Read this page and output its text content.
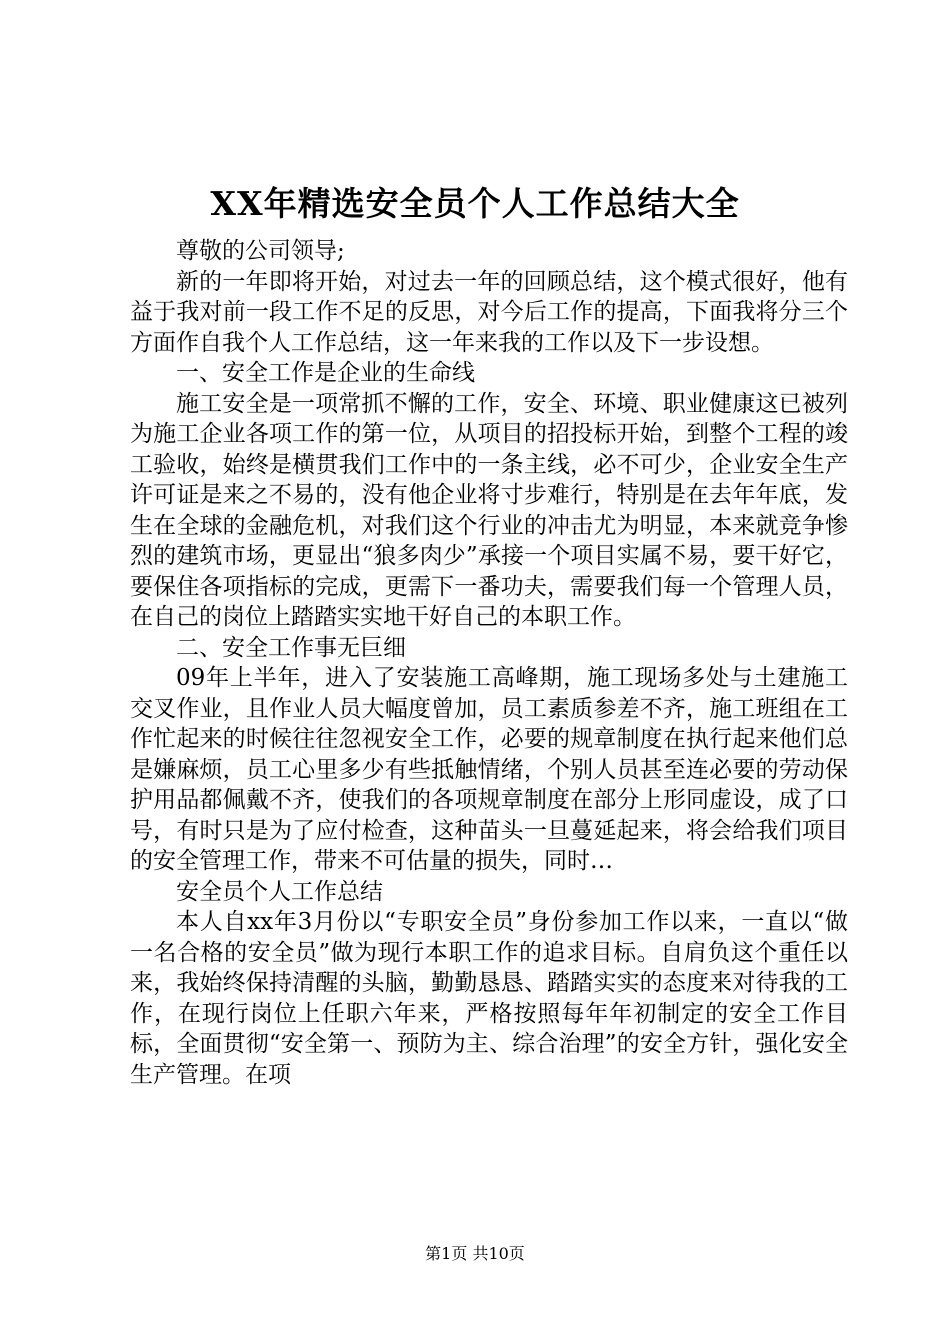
XX年精选安全员个人工作总结大全

尊敬的公司领导;

新的一年即将开始，对过去一年的回顾总结，这个模式很好，他有益于我对前一段工作不足的反思，对今后工作的提高，下面我将分三个方面作自我个人工作总结，这一年来我的工作以及下一步设想。

一、安全工作是企业的生命线

施工安全是一项常抓不懈的工作，安全、环境、职业健康这已被列为施工企业各项工作的第一位，从项目的招投标开始，到整个工程的竣工验收，始终是横贯我们工作中的一条主线，必不可少，企业安全生产许可证是来之不易的，没有他企业将寸步难行，特别是在去年年底，发生在全球的金融危机，对我们这个行业的冲击尤为明显，本来就竞争惨烈的建筑市场，更显出“狼多肉少”承接一个项目实属不易，要干好它，要保住各项指标的完成，更需下一番功夫，需要我们每一个管理人员，在自己的岗位上踏踏实实地干好自己的本职工作。

二、安全工作事无巨细

09年上半年，进入了安装施工高峰期，施工现场多处与土建施工交叉作业，且作业人员大幅度曾加，员工素质参差不齐，施工班组在工作忙起来的时候往往忽视安全工作，必要的规章制度在执行起来他们总是嫌麻烦，员工心里多少有些抵触情绪，个别人员甚至连必要的劳动保护用品都佩戴不齐，使我们的各项规章制度在部分上形同虚设，成了口号，有时只是为了应付检查，这种苗头一旦蔓延起来，将会给我们项目的安全管理工作，带来不可估量的损失，同时…

安全员个人工作总结

本人自xx年3月份以“专职安全员”身份参加工作以来，一直以“做一名合格的安全员”做为现行本职工作的追求目标。自肩负这个重任以来，我始终保持清醒的头脑，勤勤恳恳、踏踏实实的态度来对待我的工作，在现行岗位上任职六年来，严格按照每年年初制定的安全工作目标，全面贯彻“安全第一、预防为主、综合治理”的安全方针，强化安全生产管理。在项

第1页 共10页
